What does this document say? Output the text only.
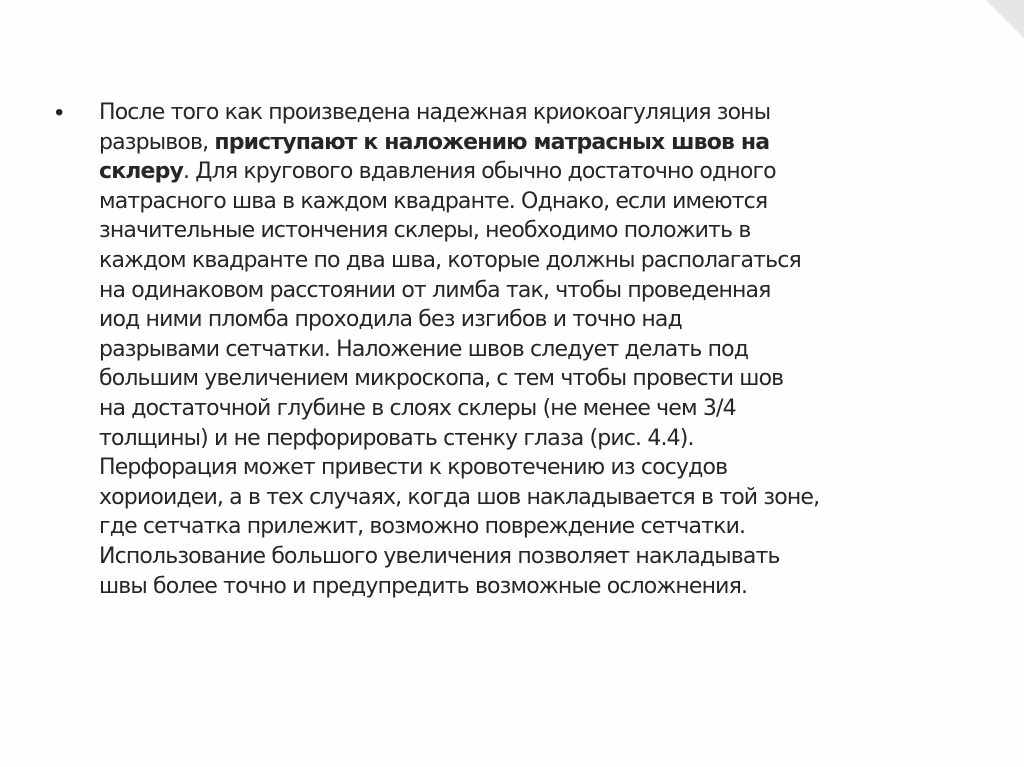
•	После того как произведена надежная криокоагуляция зоны
разрывов, приступают к наложению матрасных швов на
склеру. Для кругового вдавления обычно достаточно одного
матрасного шва в каждом квадранте. Однако, если имеются
значительные истончения склеры, необходимо положить в
каждом квадранте по два шва, которые должны располагаться
на одинаковом расстоянии от лимба так, чтобы проведенная
иод ними пломба проходила без изгибов и точно над
разрывами сетчатки. Наложение швов следует делать под
большим увеличением микроскопа, с тем чтобы провести шов
на достаточной глубине в слоях склеры (не менее чем 3/4
толщины) и не перфорировать стенку глаза (рис. 4.4).
Перфорация может привести к кровотечению из сосудов
хориоидеи, а в тех случаях, когда шов накладывается в той зоне,
где сетчатка прилежит, возможно повреждение сетчатки.
Использование большого увеличения позволяет накладывать
швы более точно и предупредить возможные осложнения.
